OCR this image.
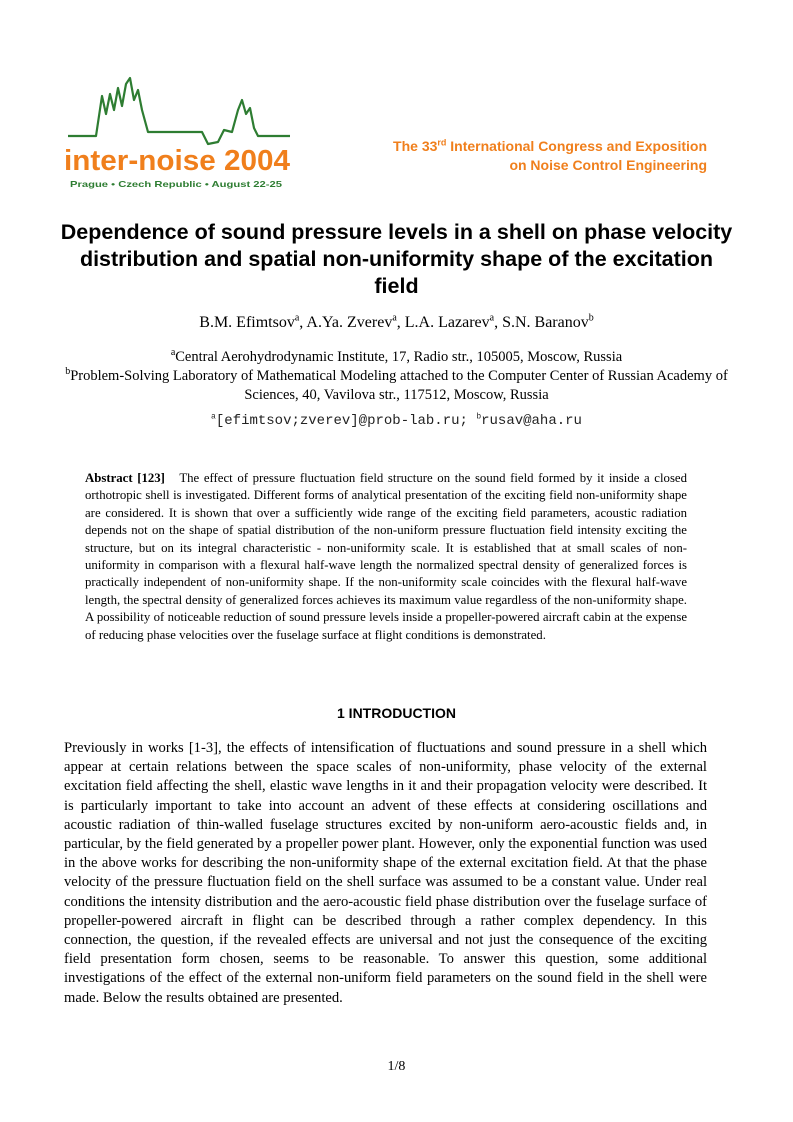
inter-noise 2004
Prague • Czech Republic • August 22-25
The 33rd International Congress and Exposition
on Noise Control Engineering
Dependence of sound pressure levels in a shell on phase velocity distribution and spatial non-uniformity shape of the excitation field
B.M. Efimtsov$^a$, A.Ya. Zverev$^a$, L.A. Lazarev$^a$, S.N. Baranov$^b$
$^a$Central Aerohydrodynamic Institute, 17, Radio str., 105005, Moscow, Russia
$^b$Problem-Solving Laboratory of Mathematical Modeling attached to the Computer Center of Russian Academy of Sciences, 40, Vavilova str., 117512, Moscow, Russia
$^a$[efimtsov;zverev]@prob-lab.ru; $^b$rusav@aha.ru
Abstract [123] The effect of pressure fluctuation field structure on the sound field formed by it inside a closed orthotropic shell is investigated. Different forms of analytical presentation of the exciting field non-uniformity shape are considered. It is shown that over a sufficiently wide range of the exciting field parameters, acoustic radiation depends not on the shape of spatial distribution of the non-uniform pressure fluctuation field intensity exciting the structure, but on its integral characteristic - non-uniformity scale. It is established that at small scales of non-uniformity in comparison with a flexural half-wave length the normalized spectral density of generalized forces is practically independent of non-uniformity shape. If the non-uniformity scale coincides with the flexural half-wave length, the spectral density of generalized forces achieves its maximum value regardless of the non-uniformity shape. A possibility of noticeable reduction of sound pressure levels inside a propeller-powered aircraft cabin at the expense of reducing phase velocities over the fuselage surface at flight conditions is demonstrated.
1 INTRODUCTION
Previously in works [1-3], the effects of intensification of fluctuations and sound pressure in a shell which appear at certain relations between the space scales of non-uniformity, phase velocity of the external excitation field affecting the shell, elastic wave lengths in it and their propagation velocity were described. It is particularly important to take into account an advent of these effects at considering oscillations and acoustic radiation of thin-walled fuselage structures excited by non-uniform aero-acoustic fields and, in particular, by the field generated by a propeller power plant. However, only the exponential function was used in the above works for describing the non-uniformity shape of the external excitation field. At that the phase velocity of the pressure fluctuation field on the shell surface was assumed to be a constant value. Under real conditions the intensity distribution and the aero-acoustic field phase distribution over the fuselage surface of propeller-powered aircraft in flight can be described through a rather complex dependency. In this connection, the question, if the revealed effects are universal and not just the consequence of the exciting field presentation form chosen, seems to be reasonable. To answer this question, some additional investigations of the effect of the external non-uniform field parameters on the sound field in the shell were made. Below the results obtained are presented.
1/8
